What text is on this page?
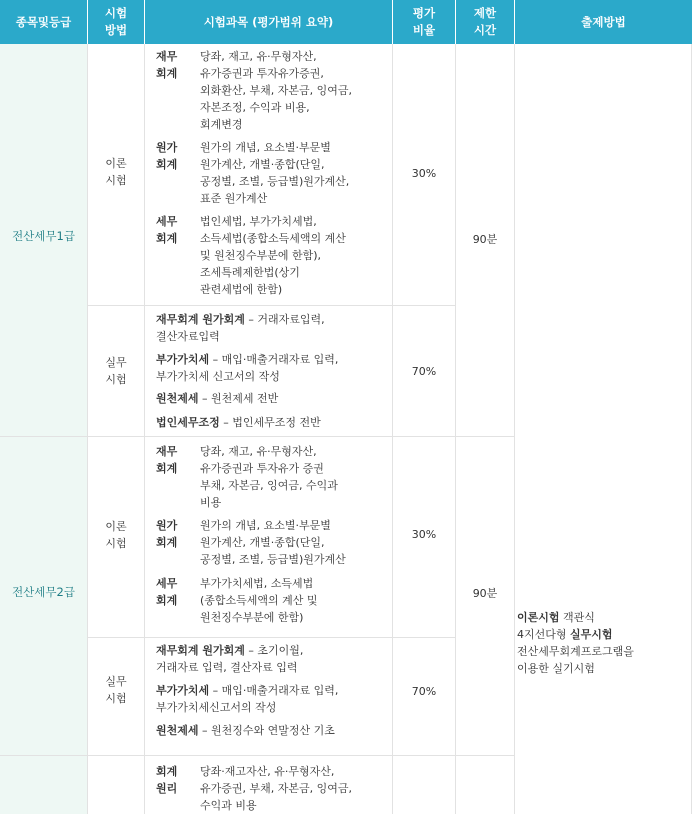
종목및등급
시험
방법
시험과목 (평가범위 요약)
평가
비율
제한
시간
출제방법
전산세무1급
이론
시험
재무
회계
당좌, 재고, 유·무형자산,
유가증권과 투자유가증권,
외화환산, 부채, 자본금, 잉여금,
자본조정, 수익과 비용,
회계변경
원가
회계
원가의 개념, 요소별·부문별
원가계산, 개별·종합(단일,
공정별, 조별, 등급별)원가계산,
표준 원가계산
세무
회계
법인세법, 부가가치세법,
소득세법(종합소득세액의 계산
및 원천징수부분에 한함),
조세특례제한법(상기
관련세법에 한함)
30%
90분
실무
시험
재무회계 원가회계 – 거래자료입력,
결산자료입력
부가가치세 – 매입·매출거래자료 입력,
부가가치세 신고서의 작성
원천제세 – 원천제세 전반
법인세무조정 – 법인세무조정 전반
70%
전산세무2급
이론
시험
재무
회계
당좌, 재고, 유·무형자산,
유가증권과 투자유가 증권
부채, 자본금, 잉여금, 수익과
비용
원가
회계
원가의 개념, 요소별·부문별
원가계산, 개별·종합(단일,
공정별, 조별, 등급별)원가계산
세무
회계
부가가치세법, 소득세법
(종합소득세액의 계산 및
원천징수부분에 한함)
30%
90분
실무
시험
재무회계 원가회계 – 초기이월,
거래자료 입력, 결산자료 입력
부가가치세 – 매입·매출거래자료 입력,
부가가치세신고서의 작성
원천제세 – 원천징수와 연말정산 기초
70%
이론시험 객관식
4지선다형 실무시험
전산세무회계프로그램을
이용한 실기시험
회계
원리
당좌·재고자산, 유·무형자산,
유가증권, 부채, 자본금, 잉여금,
수익과 비용
